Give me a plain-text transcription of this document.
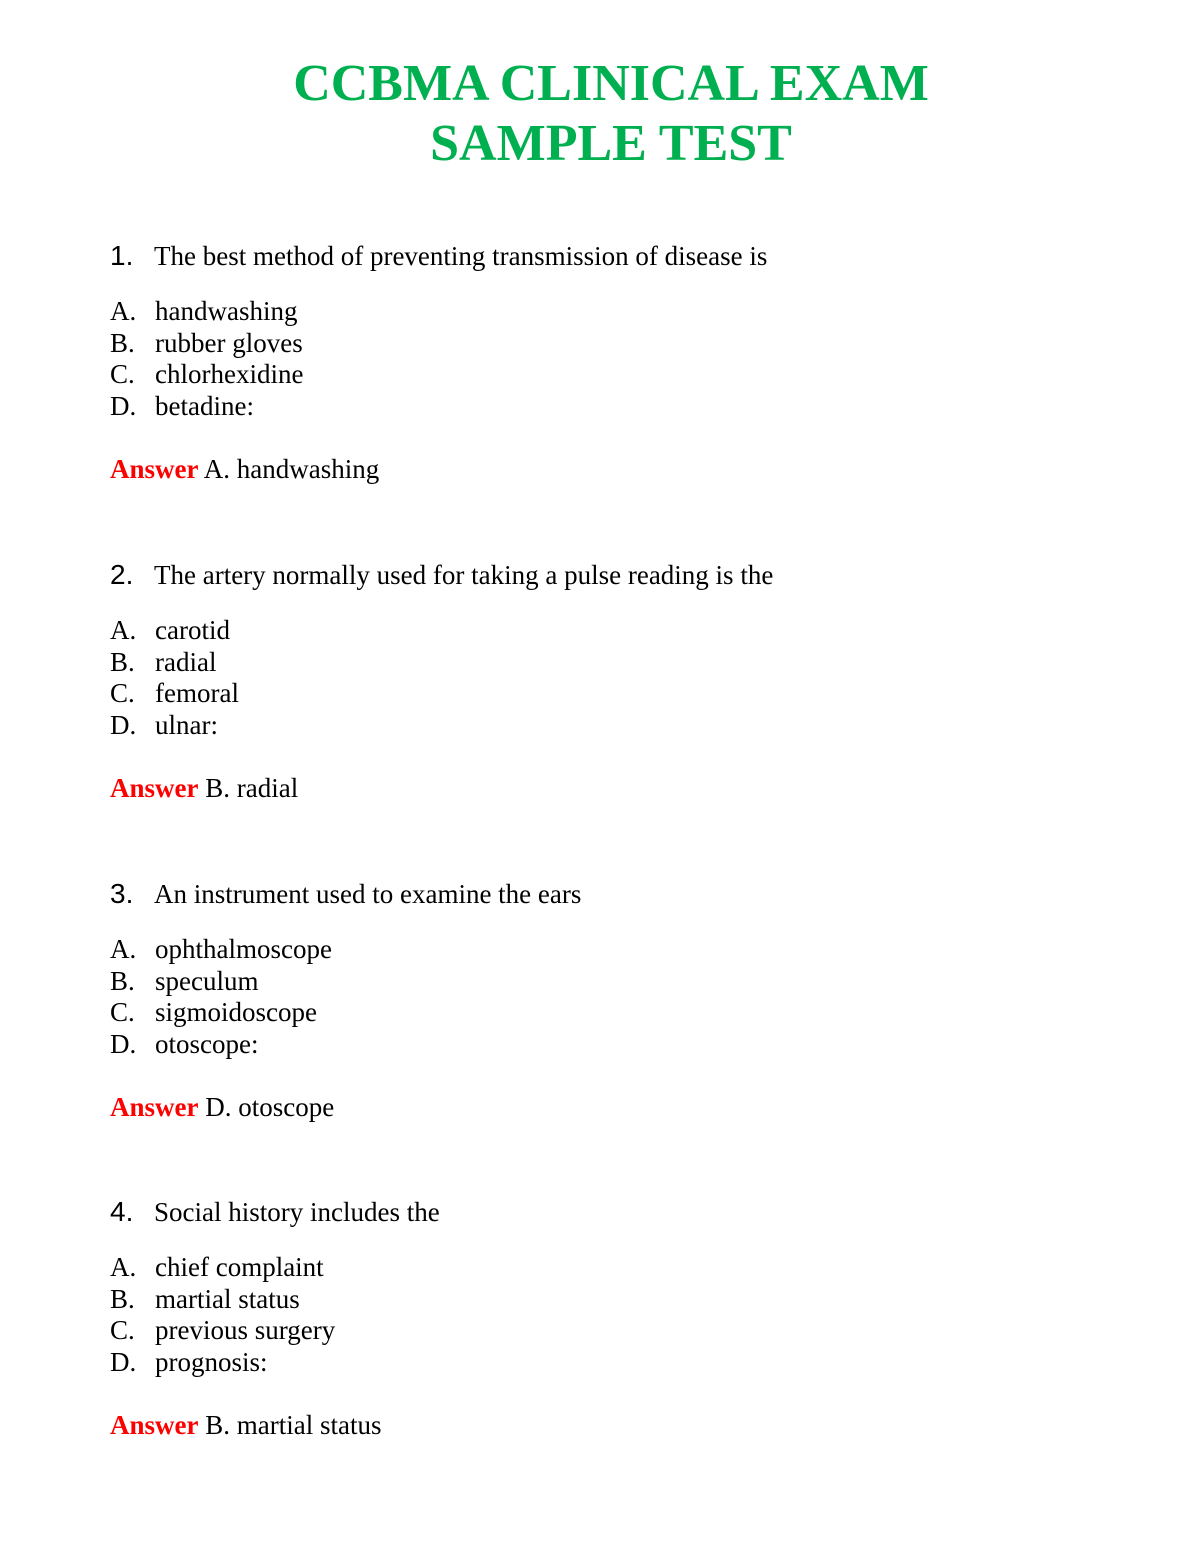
CCBMA CLINICAL EXAM
SAMPLE TEST
1. The best method of preventing transmission of disease is
A. handwashing
B. rubber gloves
C. chlorhexidine
D. betadine:
Answer A. handwashing
2. The artery normally used for taking a pulse reading is the
A. carotid
B. radial
C. femoral
D. ulnar:
Answer B. radial
3. An instrument used to examine the ears
A. ophthalmoscope
B. speculum
C. sigmoidoscope
D. otoscope:
Answer D. otoscope
4. Social history includes the
A. chief complaint
B. martial status
C. previous surgery
D. prognosis:
Answer B. martial status
